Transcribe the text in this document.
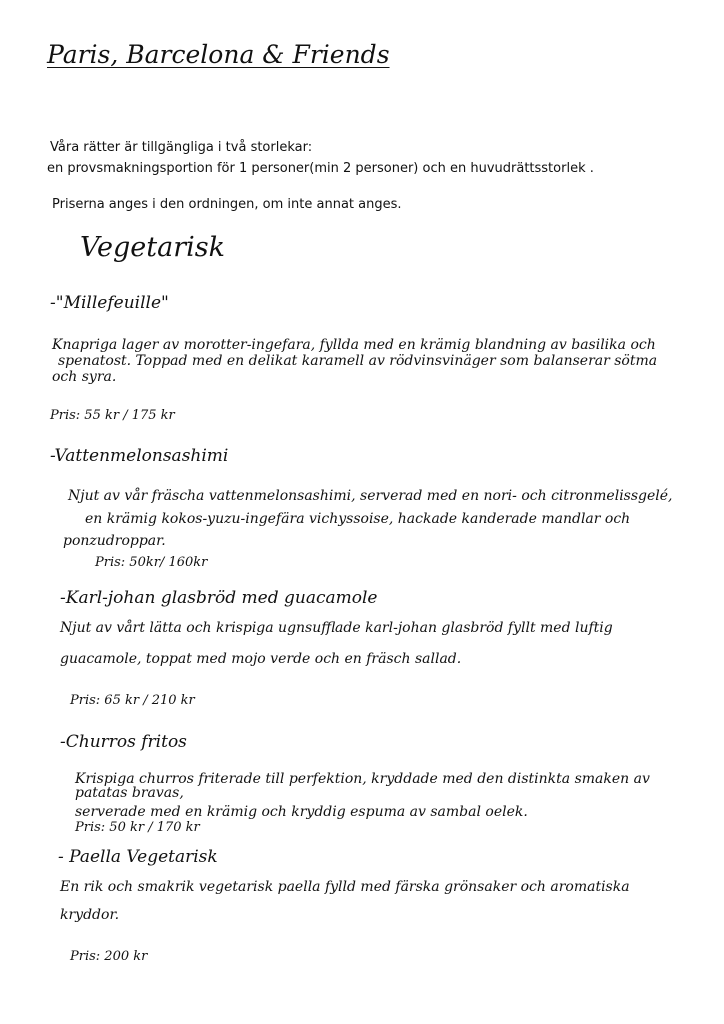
Paris, Barcelona & Friends
Våra rätter är tillgängliga i två storlekar:
en provsmakningsportion för 1 personer(min 2 personer) och en huvudrättsstorlek .
Priserna anges i den ordningen, om inte annat anges.
Vegetarisk
-"Millefeuille"
Knapriga lager av morotter-ingefara, fyllda med en krämig blandning av basilika och
spenatost. Toppad med en delikat karamell av rödvinsvinäger som balanserar sötma
och syra.
Pris: 55 kr / 175 kr
-Vattenmelonsashimi
Njut av vår fräscha vattenmelonsashimi, serverad med en nori- och citronmelissgelé,
en krämig kokos-yuzu-ingefära vichyssoise, hackade kanderade mandlar och
ponzudroppar.
Pris: 50kr/ 160kr
-Karl-johan glasbröd med guacamole
Njut av vårt lätta och krispiga ugnsufflade karl-johan glasbröd fyllt med luftig
guacamole, toppat med mojo verde och en fräsch sallad.
Pris: 65 kr / 210 kr
-Churros fritos
Krispiga churros friterade till perfektion, kryddade med den distinkta smaken av
patatas bravas,
serverade med en krämig och kryddig espuma av sambal oelek.
Pris: 50 kr / 170 kr
- Paella Vegetarisk
En rik och smakrik vegetarisk paella fylld med färska grönsaker och aromatiska
kryddor.
Pris: 200 kr
